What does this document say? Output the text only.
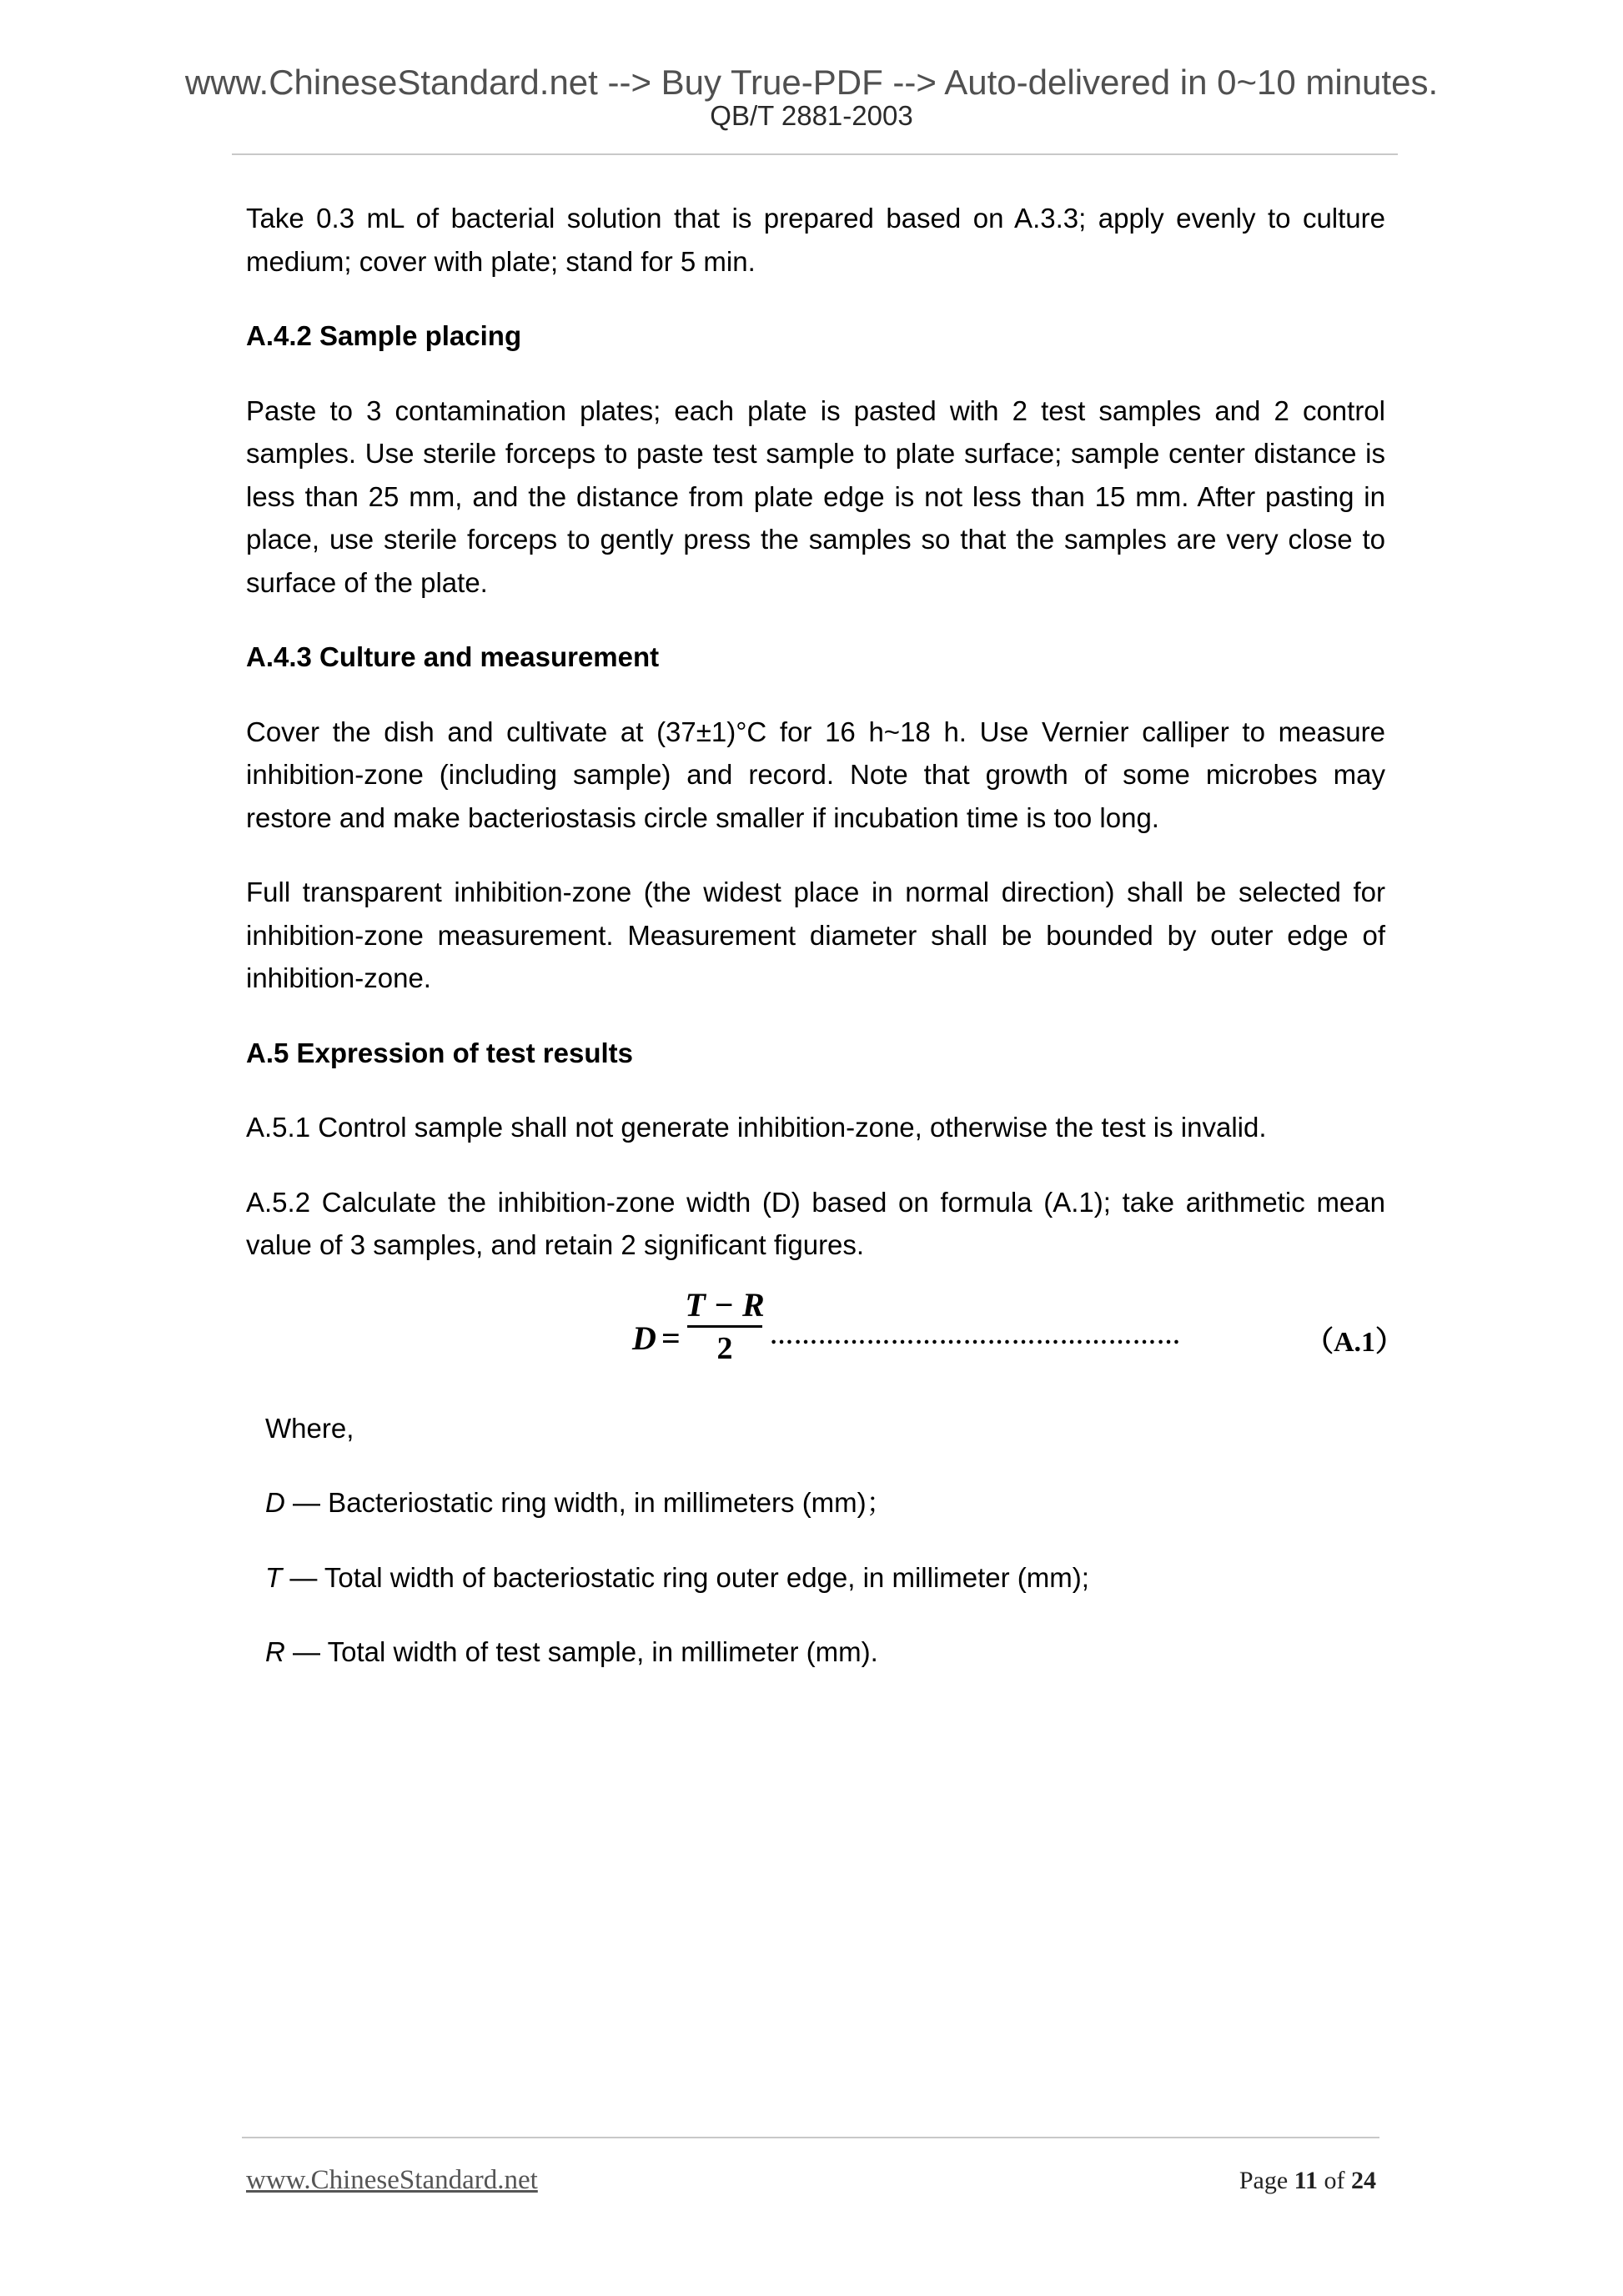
www.ChineseStandard.net --> Buy True-PDF --> Auto-delivered in 0~10 minutes.
QB/T 2881-2003

Take 0.3 mL of bacterial solution that is prepared based on A.3.3; apply evenly to culture medium; cover with plate; stand for 5 min.

A.4.2 Sample placing

Paste to 3 contamination plates; each plate is pasted with 2 test samples and 2 control samples. Use sterile forceps to paste test sample to plate surface; sample center distance is less than 25 mm, and the distance from plate edge is not less than 15 mm. After pasting in place, use sterile forceps to gently press the samples so that the samples are very close to surface of the plate.

A.4.3 Culture and measurement

Cover the dish and cultivate at (37±1)°C for 16 h~18 h. Use Vernier calliper to measure inhibition-zone (including sample) and record. Note that growth of some microbes may restore and make bacteriostasis circle smaller if incubation time is too long.

Full transparent inhibition-zone (the widest place in normal direction) shall be selected for inhibition-zone measurement. Measurement diameter shall be bounded by outer edge of inhibition-zone.

A.5 Expression of test results

A.5.1 Control sample shall not generate inhibition-zone, otherwise the test is invalid.

A.5.2 Calculate the inhibition-zone width (D) based on formula (A.1); take arithmetic mean value of 3 samples, and retain 2 significant figures.

D =
T − R
2	……………………………………………	（A.1）

Where,

D — Bacteriostatic ring width, in millimeters (mm)；

T — Total width of bacteriostatic ring outer edge, in millimeter (mm);

R — Total width of test sample, in millimeter (mm).

www.ChineseStandard.net	Page 11 of 24
